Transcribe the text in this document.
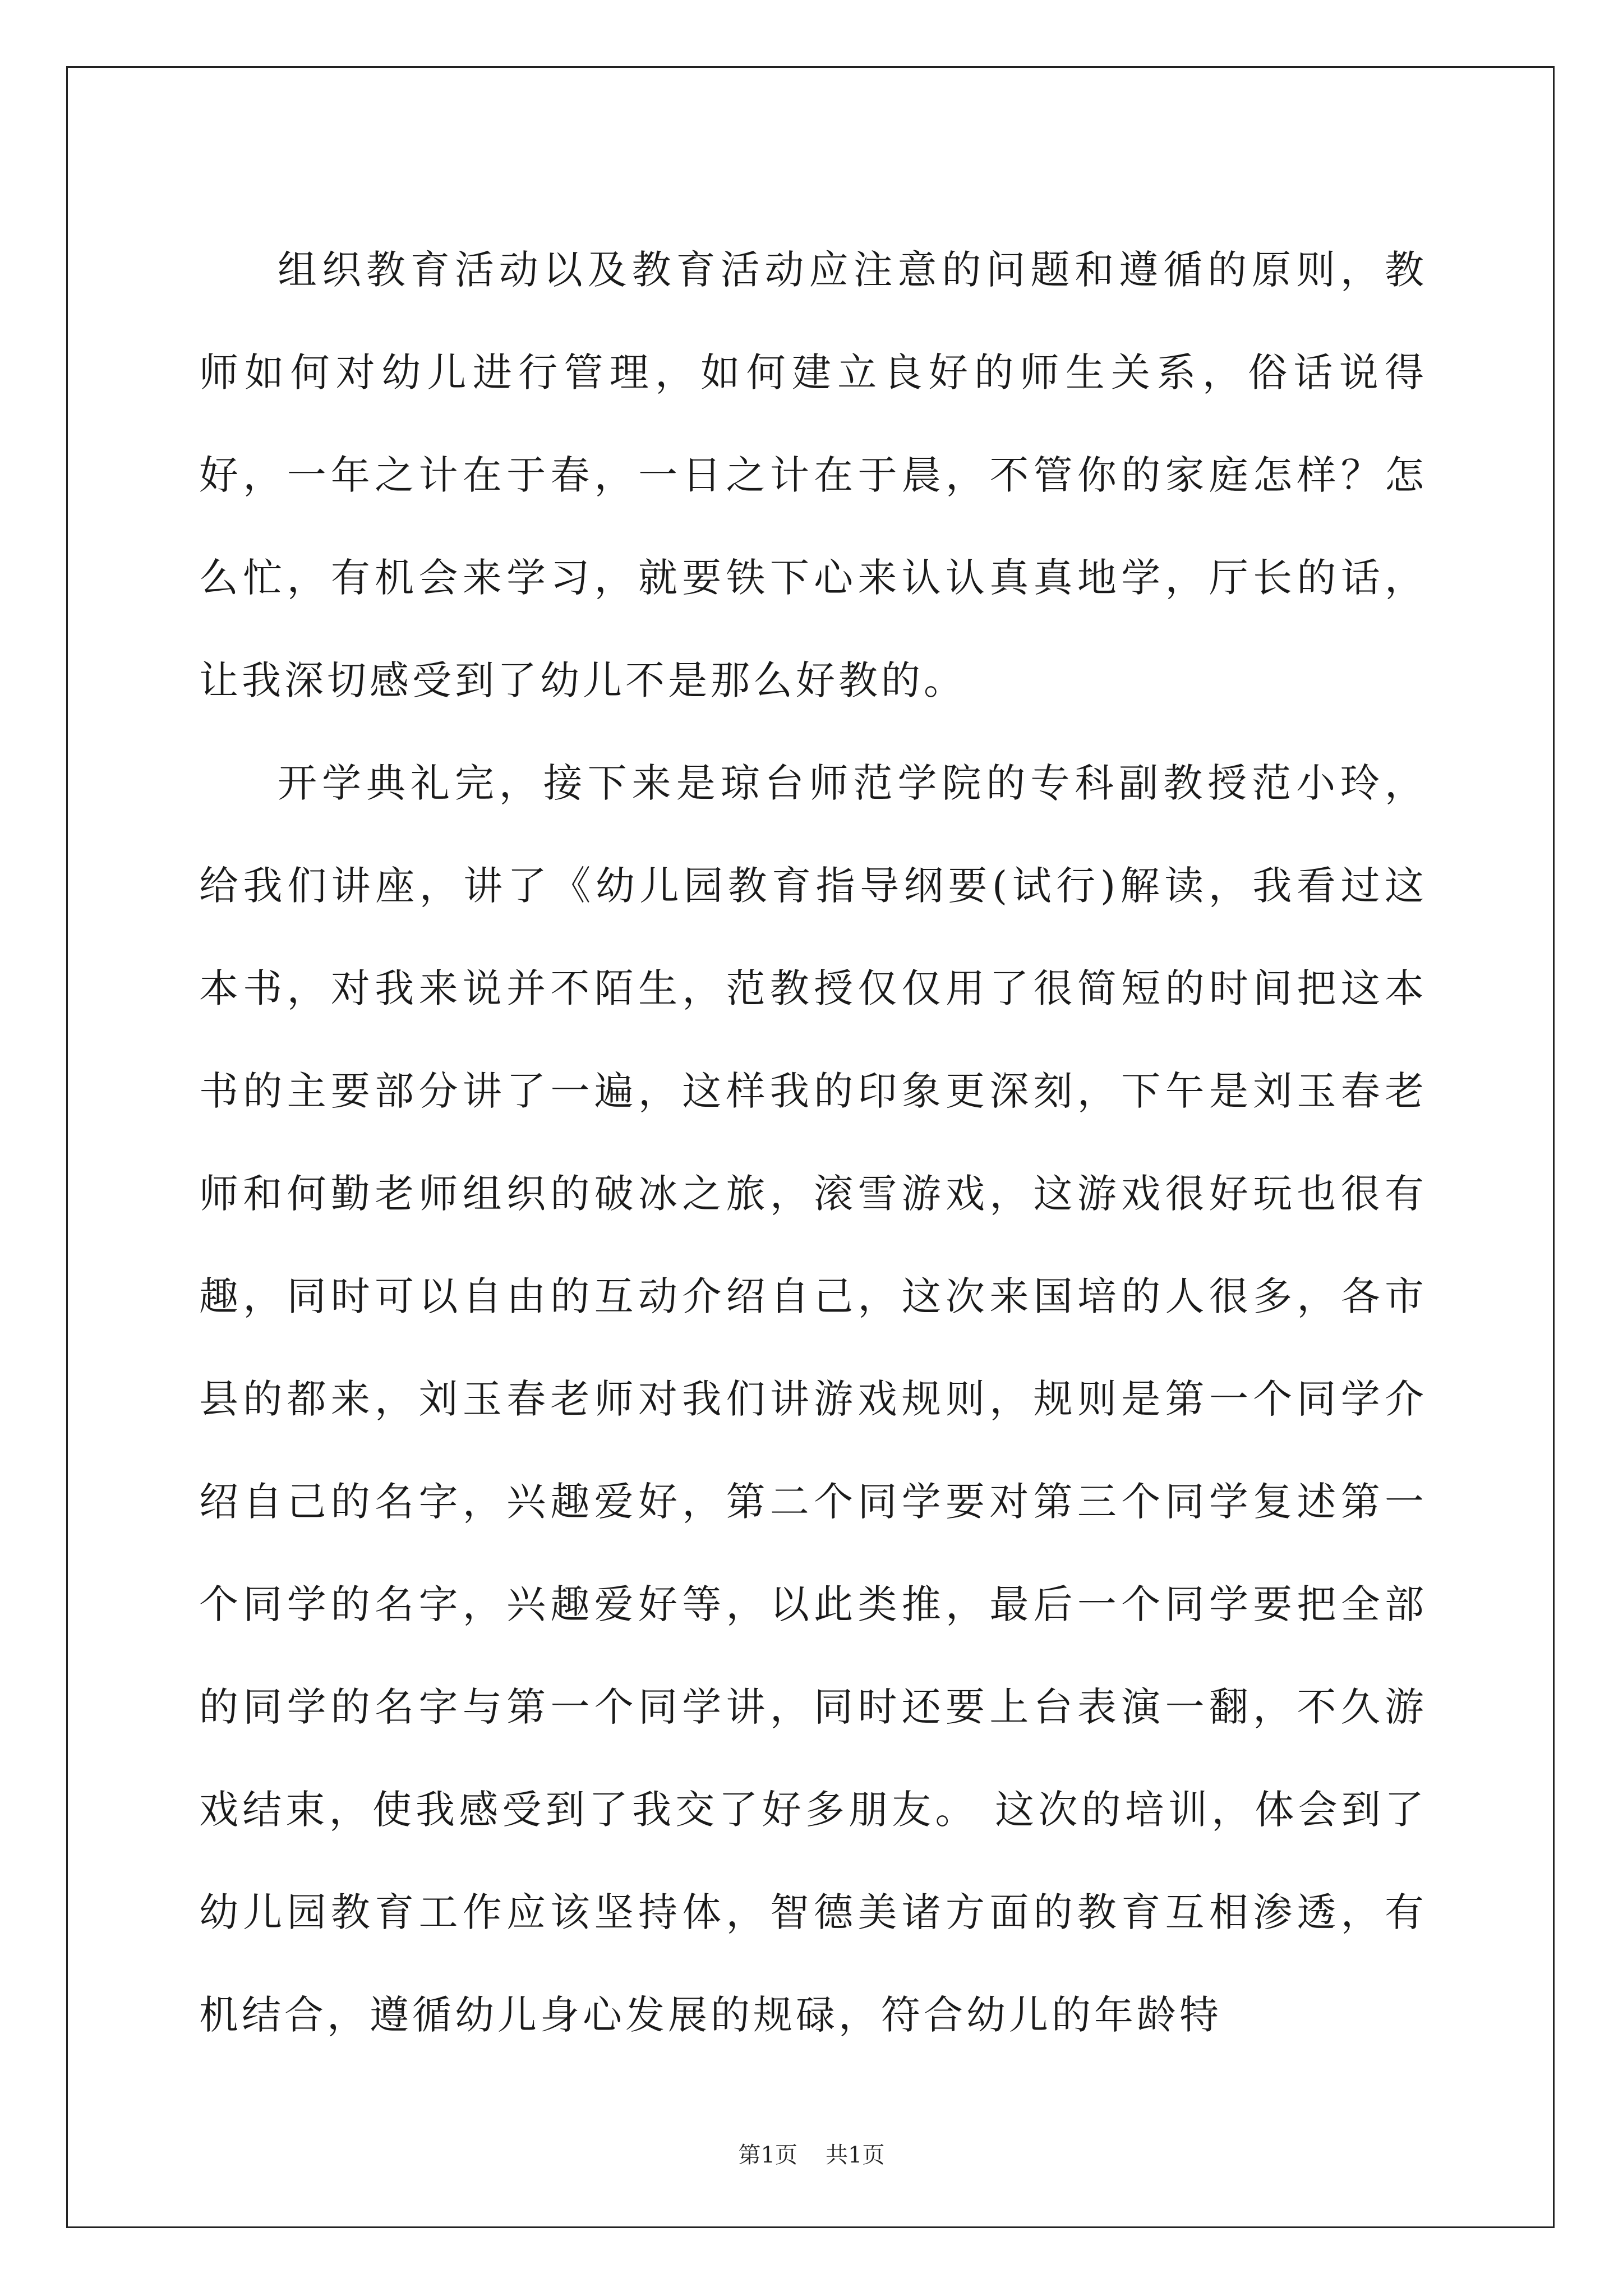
组织教育活动以及教育活动应注意的问题和遵循的原则，教师如何对幼儿进行管理，如何建立良好的师生关系，俗话说得好，一年之计在于春，一日之计在于晨，不管你的家庭怎样？怎么忙，有机会来学习，就要铁下心来认认真真地学，厅长的话，让我深切感受到了幼儿不是那么好教的。

开学典礼完，接下来是琼台师范学院的专科副教授范小玲，给我们讲座，讲了《幼儿园教育指导纲要(试行)解读，我看过这本书，对我来说并不陌生，范教授仅仅用了很简短的时间把这本书的主要部分讲了一遍，这样我的印象更深刻，下午是刘玉春老师和何勤老师组织的破冰之旅，滚雪游戏，这游戏很好玩也很有趣，同时可以自由的互动介绍自己，这次来国培的人很多，各市县的都来，刘玉春老师对我们讲游戏规则，规则是第一个同学介绍自己的名字，兴趣爱好，第二个同学要对第三个同学复述第一个同学的名字，兴趣爱好等，以此类推，最后一个同学要把全部的同学的名字与第一个同学讲，同时还要上台表演一翻，不久游戏结束，使我感受到了我交了好多朋友。 这次的培训，体会到了幼儿园教育工作应该坚持体，智德美诸方面的教育互相渗透，有机结合，遵循幼儿身心发展的规碌，符合幼儿的年龄特

第1页 共1页
